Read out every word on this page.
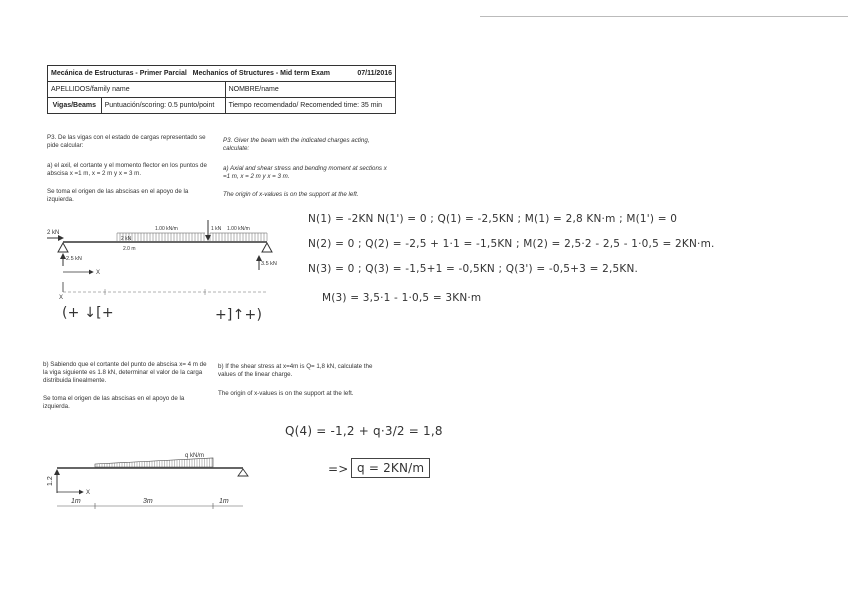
Mecánica de Estructuras - Primer Parcial Mechanics of Structures - Mid term Exam 07/11/2016		

APELLIDOS/family name		NOMBRE/name
Vigas/Beams	Puntuación/scoring: 0.5 punto/point	Tiempo recomendado/ Recomended time: 35 min
P3. De las vigas con el estado de cargas representado se pide calcular:
a) el axil, el cortante y el momento flector en los puntos de abscisa x =1 m, x = 2 m y x = 3 m.
Se toma el origen de las abscisas en el apoyo de la izquierda.
P3. Giver the beam with the indicated charges acting, calculate:
a) Axial and shear stress and bending moment at sections x =1 m, x = 2 m y x = 3 m.
The origin of x-values is on the support at the left.
2 kN
1 kN
1.00 kN/m	1.00 kN/m
2 kN
2.0 m
2.5 kN
3.5 kN
X
X
(+ ↓[+	+]↑+)
N(1) = -2KN N(1') = 0 ; Q(1) = -2,5KN ; M(1) = 2,8 KN·m ; M(1') = 0
N(2) = 0 ; Q(2) = -2,5 + 1·1 = -1,5KN ; M(2) = 2,5·2 - 2,5 - 1·0,5 = 2KN·m.
N(3) = 0 ; Q(3) = -1,5+1 = -0,5KN ; Q(3') = -0,5+3 = 2,5KN.
M(3) = 3,5·1 - 1·0,5 = 3KN·m
b) Sabiendo que el cortante del punto de abscisa x= 4 m de la viga siguiente es 1.8 kN, determinar el valor de la carga distribuida linealmente.
Se toma el origen de las abscisas en el apoyo de la izquierda.
b) If the shear stress at x=4m is Q= 1,8 kN, calculate the values of the linear charge.
The origin of x-values is on the support at the left.
Q(4) = -1,2 + q·3/2 = 1,8
=> q = 2KN/m
q kN/m
1.2
X
1m	3m	1m
